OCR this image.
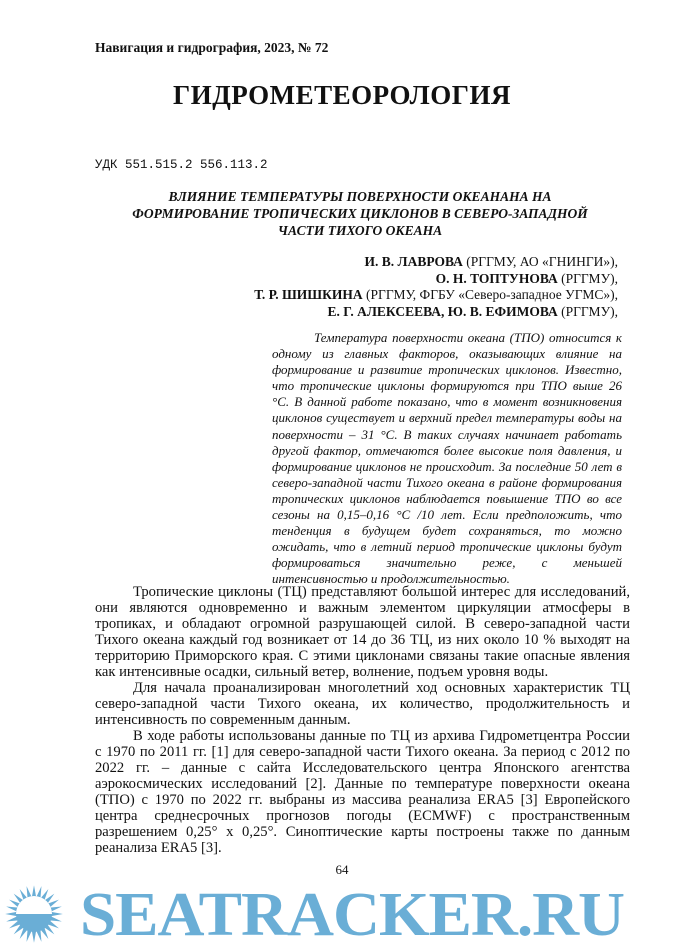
Навигация и гидрография, 2023, № 72
ГИДРОМЕТЕОРОЛОГИЯ
УДК 551.515.2 556.113.2
ВЛИЯНИЕ ТЕМПЕРАТУРЫ ПОВЕРХНОСТИ ОКЕАНАНА НА
ФОРМИРОВАНИЕ ТРОПИЧЕСКИХ ЦИКЛОНОВ В СЕВЕРО-ЗАПАДНОЙ
ЧАСТИ ТИХОГО ОКЕАНА
И. В. ЛАВРОВА (РГГМУ, АО «ГНИНГИ»),
О. Н. ТОПТУНОВА (РГГМУ),
Т. Р. ШИШКИНА (РГГМУ, ФГБУ «Северо-западное УГМС»),
Е. Г. АЛЕКСЕЕВА, Ю. В. ЕФИМОВА (РГГМУ),

Температура поверхности океана (ТПО) относится к одному из главных факторов, оказывающих влияние на формирование и развитие тропических циклонов. Известно, что тропические циклоны формируются при ТПО выше 26 °С. В данной работе показано, что в момент возникновения циклонов существует и верхний предел температуры воды на поверхности – 31 °С. В таких случаях начинает работать другой фактор, отмечаются более высокие поля давления, и формирование циклонов не происходит. За последние 50 лет в северо-западной части Тихого океана в районе формирования тропических циклонов наблюдается повышение ТПО во все сезоны на 0,15–0,16 °С /10 лет. Если предположить, что тенденция в будущем будет сохраняться, то можно ожидать, что в летний период тропические циклоны будут формироваться значительно реже, с меньшей интенсивностью и продолжительностью.

Тропические циклоны (ТЦ) представляют большой интерес для исследований, они являются одновременно и важным элементом циркуляции атмосферы в тропиках, и обладают огромной разрушающей силой. В северо-западной части Тихого океана каждый год возникает от 14 до 36 ТЦ, из них около 10 % выходят на территорию Приморского края. С этими циклонами связаны такие опасные явления как интенсивные осадки, сильный ветер, волнение, подъем уровня воды.

Для начала проанализирован многолетний ход основных характеристик ТЦ северо-западной части Тихого океана, их количество, продолжительность и интенсивность по современным данным.

В ходе работы использованы данные по ТЦ из архива Гидрометцентра России с 1970 по 2011 гг. [1] для северо-западной части Тихого океана. За период с 2012 по 2022 гг. – данные с сайта Исследовательского центра Японского агентства аэрокосмических исследований [2]. Данные по температуре поверхности океана (ТПО) с 1970 по 2022 гг. выбраны из массива реанализа ERA5 [3] Европейского центра среднесрочных прогнозов погоды (ECMWF) с пространственным разрешением 0,25° х 0,25°. Синоптические карты построены также по данным реанализа ERA5 [3].

64
SEATRACKER.RU
